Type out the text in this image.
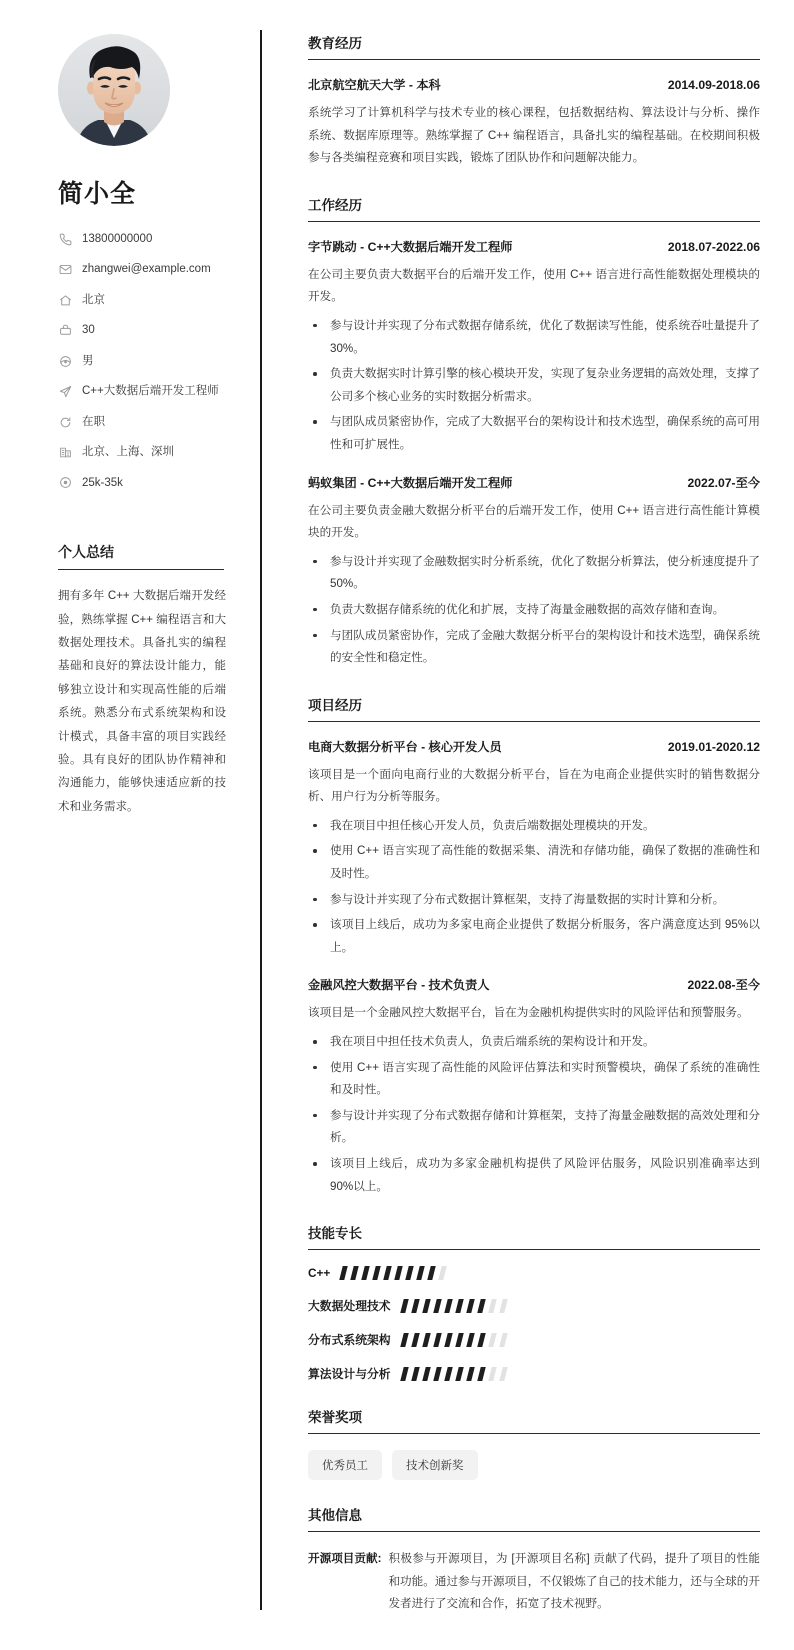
简小全
13800000000
zhangwei@example.com
北京
30
男
C++大数据后端开发工程师
在职
北京、上海、深圳
25k-35k
个人总结

拥有多年 C++ 大数据后端开发经验，熟练掌握 C++ 编程语言和大数据处理技术。具备扎实的编程基础和良好的算法设计能力，能够独立设计和实现高性能的后端系统。熟悉分布式系统架构和设计模式，具备丰富的项目实践经验。具有良好的团队协作精神和沟通能力，能够快速适应新的技术和业务需求。

教育经历
北京航空航天大学 - 本科	2014.09-2018.06

系统学习了计算机科学与技术专业的核心课程，包括数据结构、算法设计与分析、操作系统、数据库原理等。熟练掌握了 C++ 编程语言，具备扎实的编程基础。在校期间积极参与各类编程竞赛和项目实践，锻炼了团队协作和问题解决能力。

工作经历
字节跳动 - C++大数据后端开发工程师	2018.07-2022.06

在公司主要负责大数据平台的后端开发工作，使用 C++ 语言进行高性能数据处理模块的开发。

参与设计并实现了分布式数据存储系统，优化了数据读写性能，使系统吞吐量提升了 30%。
负责大数据实时计算引擎的核心模块开发，实现了复杂业务逻辑的高效处理，支撑了公司多个核心业务的实时数据分析需求。
与团队成员紧密协作，完成了大数据平台的架构设计和技术选型，确保系统的高可用性和可扩展性。
蚂蚁集团 - C++大数据后端开发工程师	2022.07-至今

在公司主要负责金融大数据分析平台的后端开发工作，使用 C++ 语言进行高性能计算模块的开发。

参与设计并实现了金融数据实时分析系统，优化了数据分析算法，使分析速度提升了 50%。
负责大数据存储系统的优化和扩展，支持了海量金融数据的高效存储和查询。
与团队成员紧密协作，完成了金融大数据分析平台的架构设计和技术选型，确保系统的安全性和稳定性。
项目经历
电商大数据分析平台 - 核心开发人员	2019.01-2020.12

该项目是一个面向电商行业的大数据分析平台，旨在为电商企业提供实时的销售数据分析、用户行为分析等服务。

我在项目中担任核心开发人员，负责后端数据处理模块的开发。
使用 C++ 语言实现了高性能的数据采集、清洗和存储功能，确保了数据的准确性和及时性。
参与设计并实现了分布式数据计算框架，支持了海量数据的实时计算和分析。
该项目上线后，成功为多家电商企业提供了数据分析服务，客户满意度达到 95%以上。
金融风控大数据平台 - 技术负责人	2022.08-至今

该项目是一个金融风控大数据平台，旨在为金融机构提供实时的风险评估和预警服务。

我在项目中担任技术负责人，负责后端系统的架构设计和开发。
使用 C++ 语言实现了高性能的风险评估算法和实时预警模块，确保了系统的准确性和及时性。
参与设计并实现了分布式数据存储和计算框架，支持了海量金融数据的高效处理和分析。
该项目上线后，成功为多家金融机构提供了风险评估服务，风险识别准确率达到 90%以上。
技能专长
C++
大数据处理技术
分布式系统架构
算法设计与分析
荣誉奖项
优秀员工	技术创新奖
其他信息
开源项目贡献: 积极参与开源项目，为 [开源项目名称] 贡献了代码，提升了项目的性能和功能。通过参与开源项目，不仅锻炼了自己的技术能力，还与全球的开发者进行了交流和合作，拓宽了技术视野。
